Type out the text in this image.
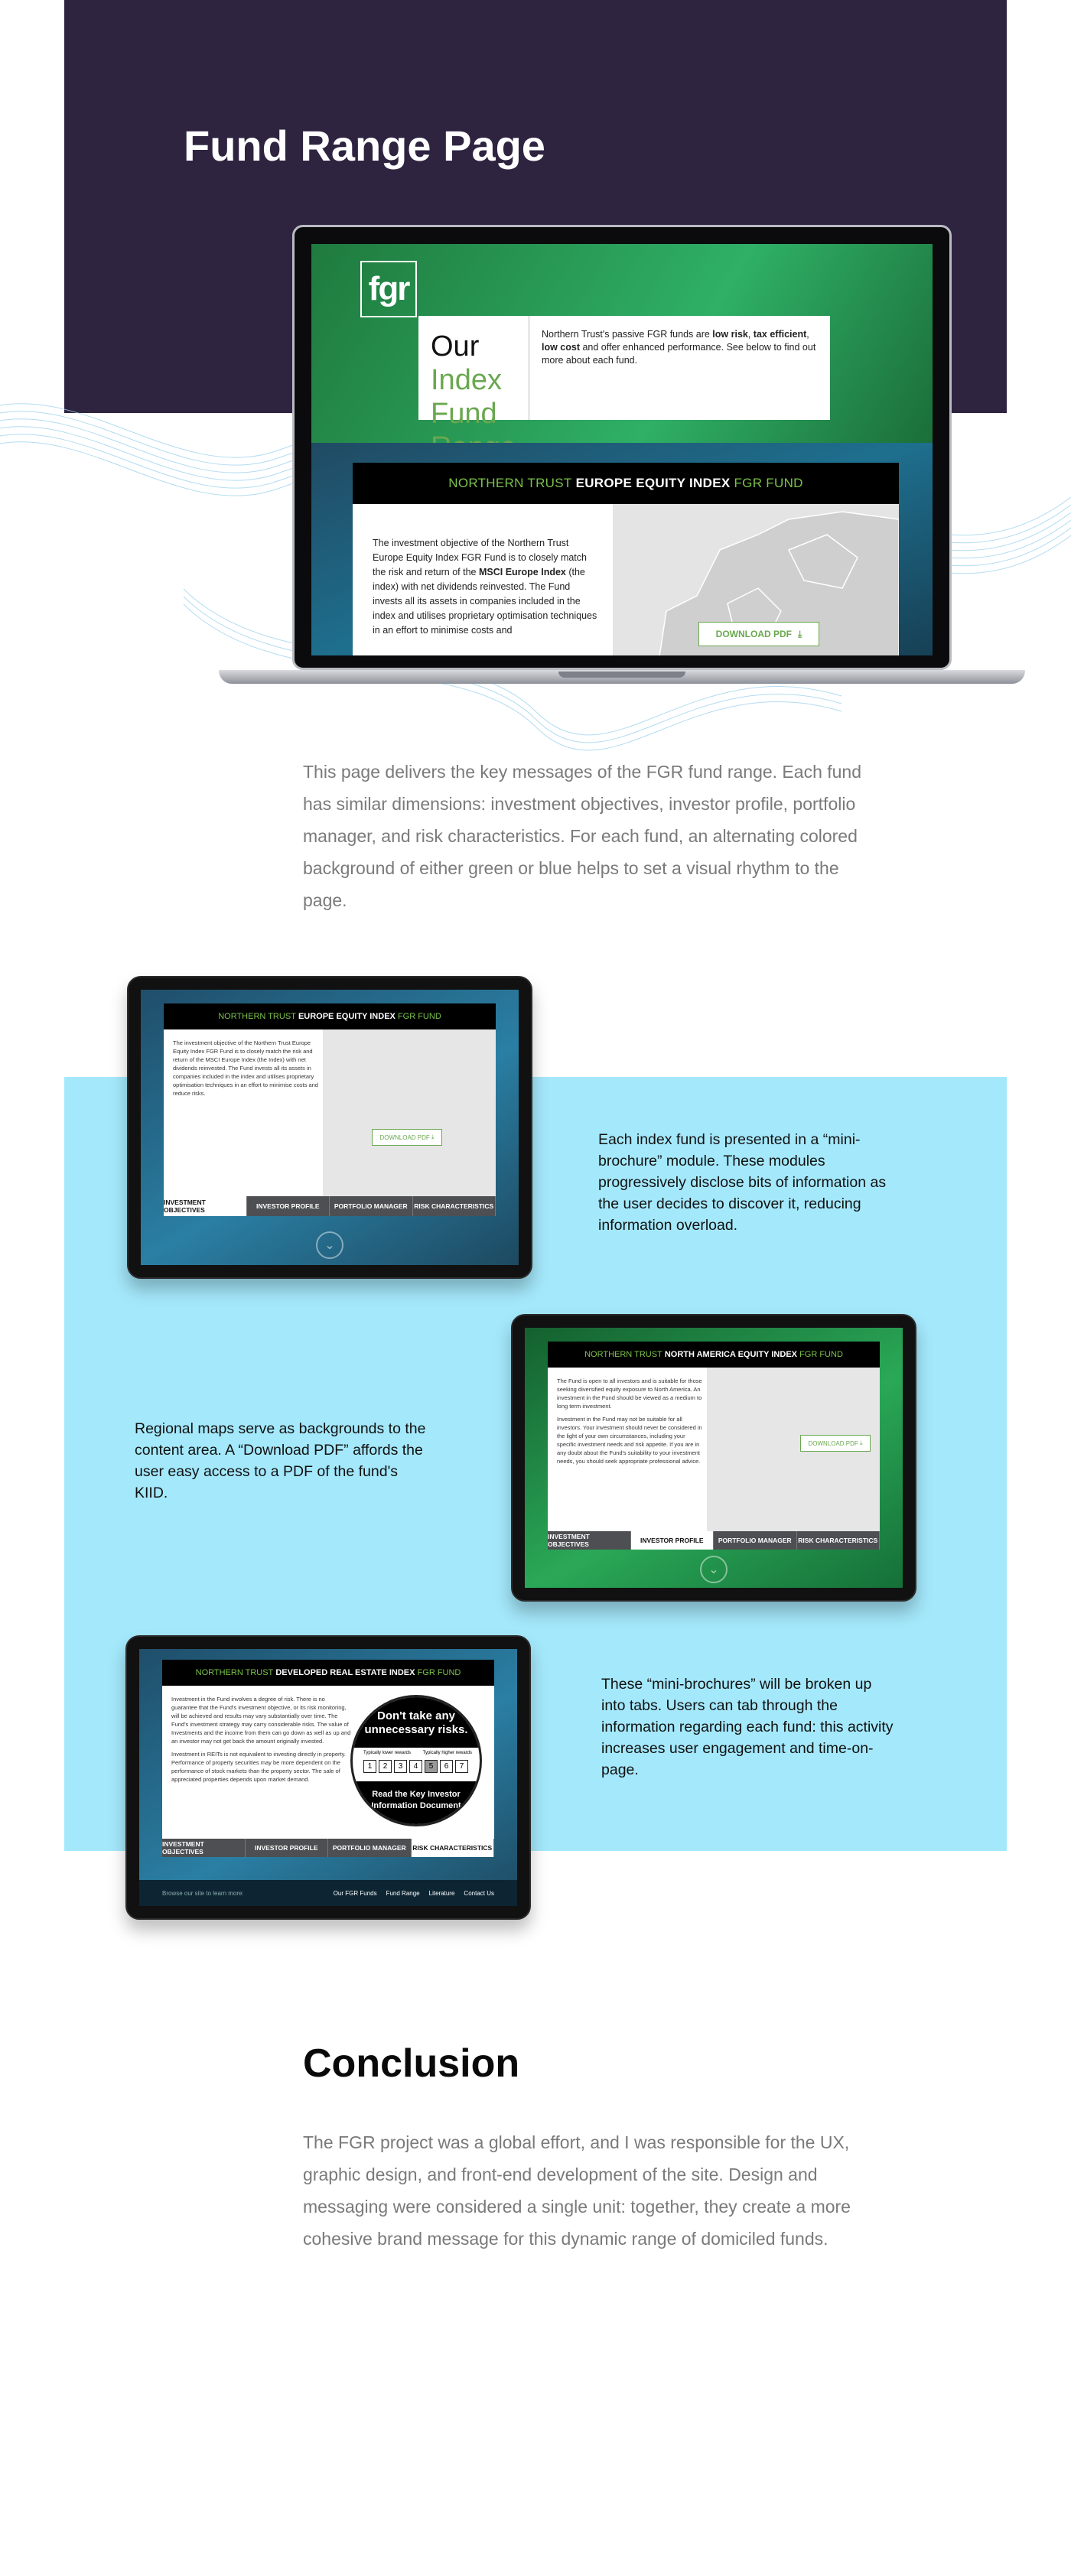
Fund Range Page
fgr
Our Index
Fund
Northern Trust's passive FGR funds are low risk, tax efficient, low cost and offer enhanced performance. See below to find out more about each fund.
NORTHERN TRUST
EUROPE EQUITY INDEX
FGR FUND
The investment objective of the Northern Trust Europe Equity Index FGR Fund is to closely match the risk and return of the MSCI Europe Index (the index) with net dividends reinvested. The Fund invests all its assets in companies included in the index and utilises proprietary optimisation techniques in an effort to minimise costs and	DOWNLOAD PDF ⤓
This page delivers the key messages of the FGR fund range. Each fund has similar dimensions: investment objectives, investor profile, portfolio manager, and risk characteristics. For each fund, an alternating colored background of either green or blue helps to set a visual rhythm to the page.
NORTHERN TRUST
EUROPE EQUITY INDEX
FGR FUND
The investment objective of the Northern Trust Europe Equity Index FGR Fund is to closely match the risk and return of the MSCI Europe Index (the Index) with net dividends reinvested. The Fund invests all its assets in companies included in the index and utilises proprietary optimisation techniques in an effort to minimise costs and reduce risks.
DOWNLOAD PDF ⤓
INVESTMENT OBJECTIVES	INVESTOR PROFILE	PORTFOLIO MANAGER	RISK CHARACTERISTICS
⌄
Each index fund is presented in a “mini-brochure” module. These modules progressively disclose bits of information as the user decides to discover it, reducing information overload.
NORTHERN TRUST
NORTH AMERICA EQUITY INDEX
FGR FUND

The Fund is open to all investors and is suitable for those seeking diversified equity exposure to North America. An investment in the Fund should be viewed as a medium to long term investment.

Investment in the Fund may not be suitable for all investors. Your investment should never be considered in the light of your own circumstances, including your specific investment needs and risk appetite. If you are in any doubt about the Fund's suitability to your investment needs, you should seek appropriate professional advice.

DOWNLOAD PDF ⤓
INVESTMENT OBJECTIVES	INVESTOR PROFILE	PORTFOLIO MANAGER	RISK CHARACTERISTICS
⌄
Regional maps serve as backgrounds to the content area. A “Download PDF” affords the user easy access to a PDF of the fund's KIID.
NORTHERN TRUST
DEVELOPED REAL ESTATE INDEX
FGR FUND

Investment in the Fund involves a degree of risk. There is no guarantee that the Fund's investment objective, or its risk monitoring, will be achieved and results may vary substantially over time. The Fund's investment strategy may carry considerable risks. The value of Investments and the income from them can go down as well as up and an investor may not get back the amount originally invested.

Investment in REITs is not equivalent to investing directly in property. Performance of property securities may be more dependent on the performance of stock markets than the property sector. The sale of appreciated properties depends upon market demand.

Don't take any unnecessary risks.
Typically lower rewards	Typically higher rewards
1	2	3	4	5	6	7
Read the Key Investor Information Document
INVESTMENT OBJECTIVES	INVESTOR PROFILE	PORTFOLIO MANAGER	RISK CHARACTERISTICS
Browse our site to learn more:	Our FGR Funds Fund Range Literature Contact Us
These “mini-brochures” will be broken up into tabs. Users can tab through the information regarding each fund: this activity increases user engagement and time-on-page.
Conclusion
The FGR project was a global effort, and I was responsible for the UX, graphic design, and front-end development of the site. Design and messaging were considered a single unit: together, they create a more cohesive brand message for this dynamic range of domiciled funds.
